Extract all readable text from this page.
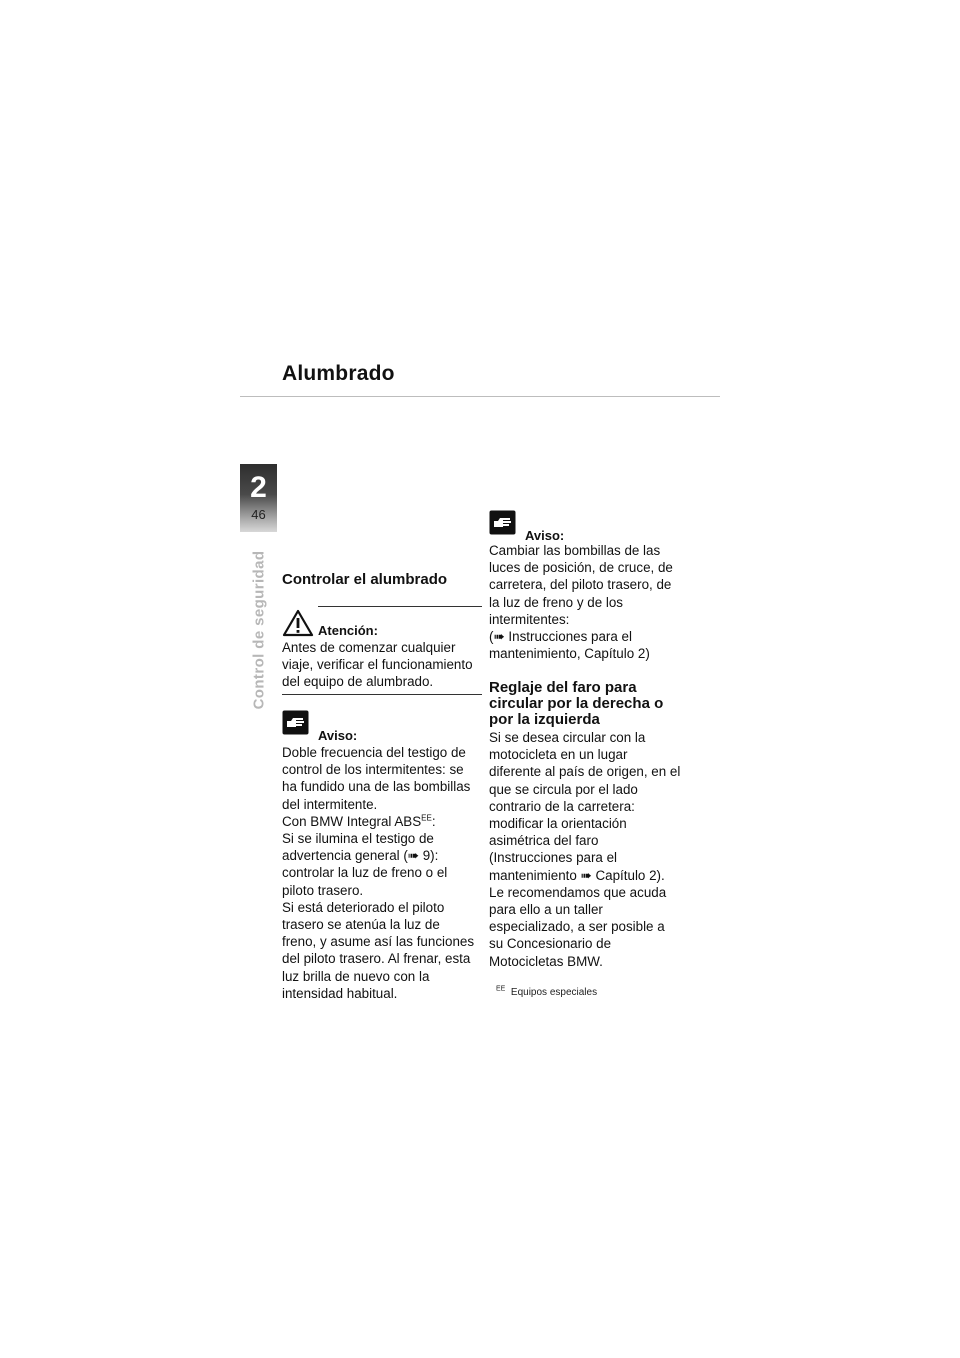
Alumbrado
2
46
Control de seguridad Controlar el alumbrado
Atención:

Antes de comenzar cualquier
viaje, verificar el funcionamiento
del equipo de alumbrado.

Aviso:

Doble frecuencia del testigo de
control de los intermitentes: se
ha fundido una de las bombillas
del intermitente.
Con BMW Integral $ABS^{EE}$:
Si se ilumina el testigo de
advertencia general (➠ 9):
controlar la luz de freno o el
piloto trasero.
Si está deteriorado el piloto
trasero se atenúa la luz de
freno, y asume así las funciones
del piloto trasero. Al frenar, esta
luz brilla de nuevo con la
intensidad habitual.

Aviso:

Cambiar las bombillas de las
luces de posición, de cruce, de
carretera, del piloto trasero, de
la luz de freno y de los
intermitentes:
(➠ Instrucciones para el
mantenimiento, Capítulo 2)

Reglaje del faro para
circular por la derecha o
por la izquierda

Si se desea circular con la
motocicleta en un lugar
diferente al país de origen, en el
que se circula por el lado
contrario de la carretera:
modificar la orientación
asimétrica del faro
(Instrucciones para el
mantenimiento ➠ Capítulo 2).
Le recomendamos que acuda
para ello a un taller
especializado, a ser posible a
su Concesionario de
Motocicletas BMW.

$^{EE}$ Equipos especiales
